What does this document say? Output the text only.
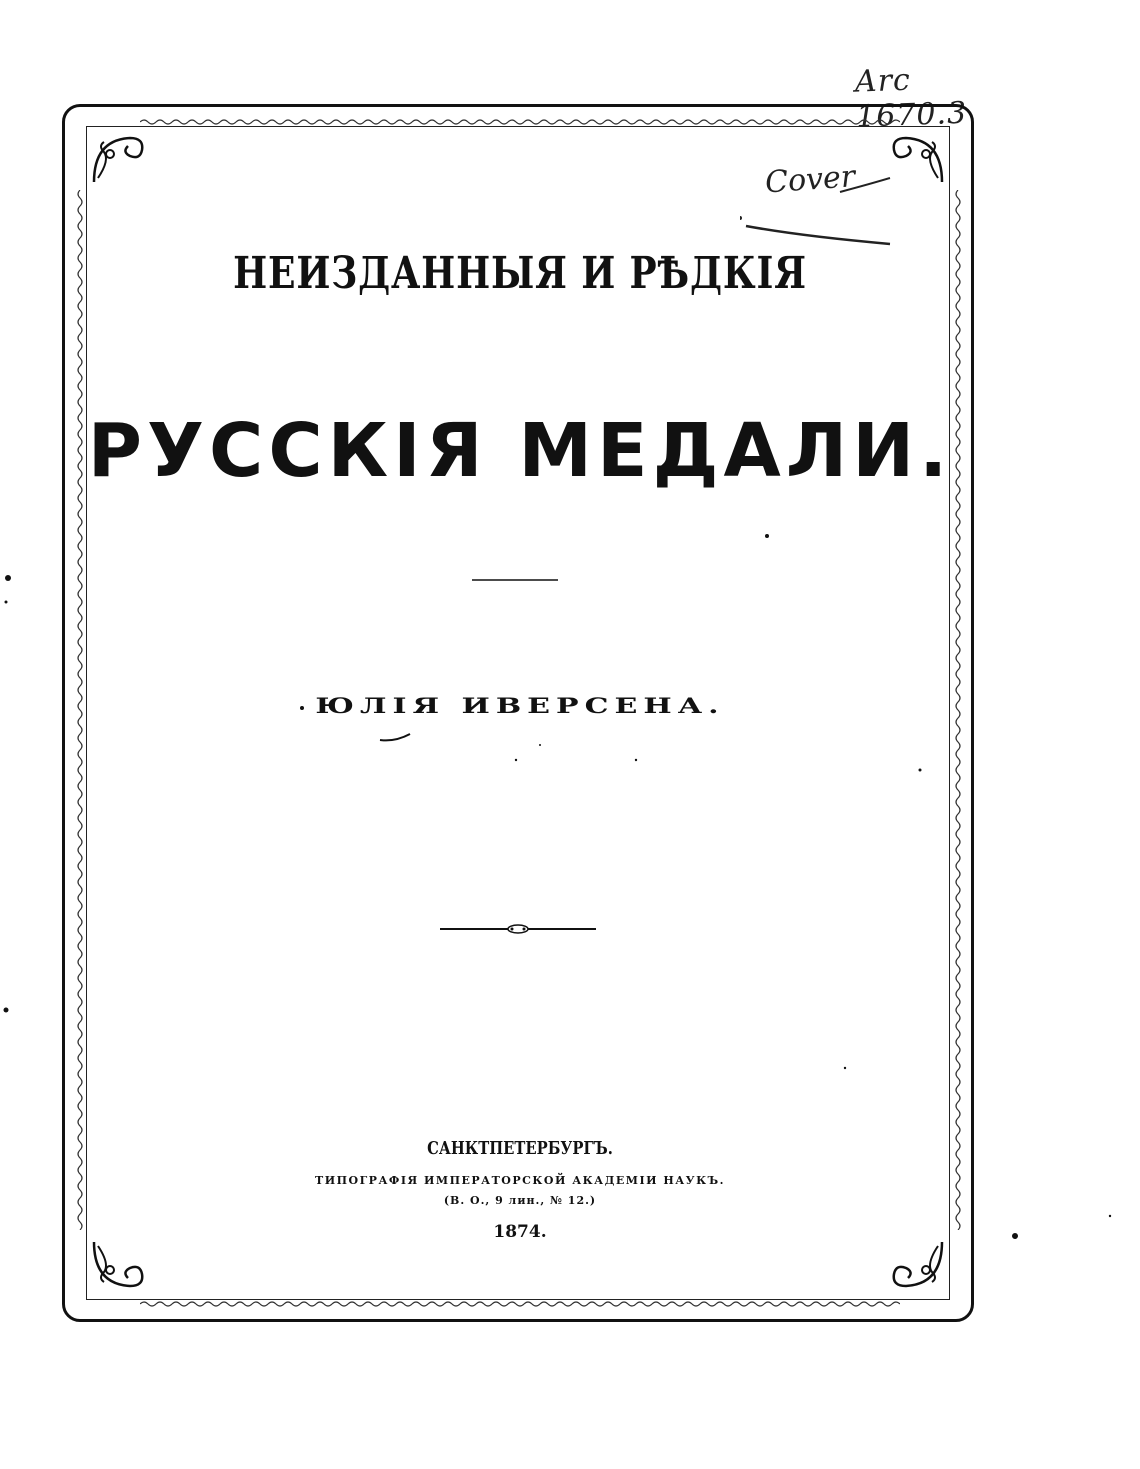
Arc 1670.3
Cover
НЕИЗДАННЫЯ И РѢДКІЯ
РУССКІЯ МЕДАЛИ.
ЮЛІЯ ИВЕРСЕНА.
САНКТПЕТЕРБУРГЪ.
ТИПОГРАФІЯ ИМПЕРАТОРСКОЙ АКАДЕМІИ НАУКЪ.
(В. О., 9 лин., № 12.)
1874.
